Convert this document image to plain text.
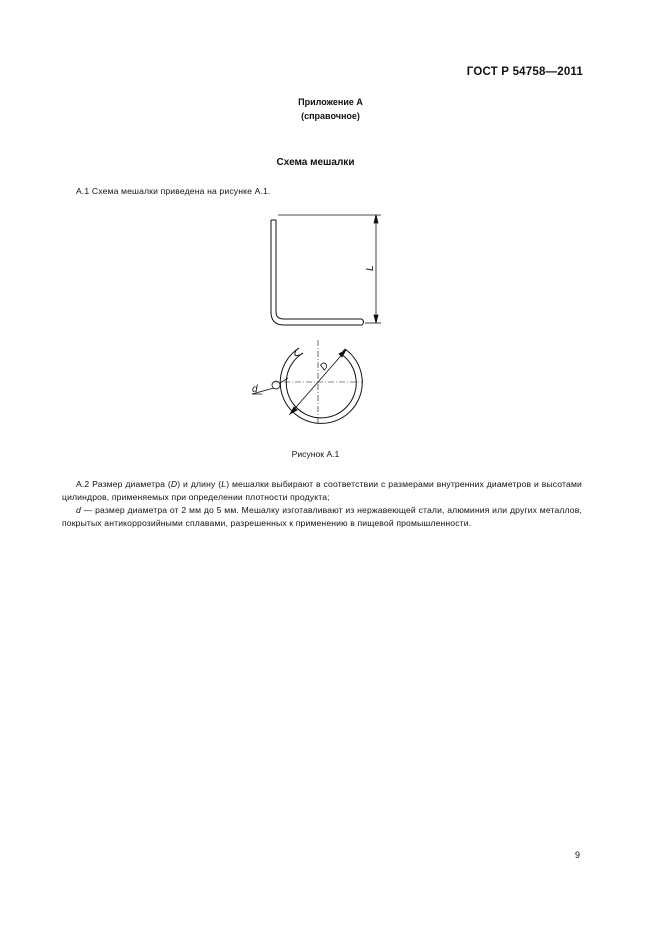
ГОСТ Р 54758—2011
Приложение А
(справочное)
Схема мешалки
А.1 Схема мешалки приведена на рисунке А.1.
L
D
d
Рисунок А.1
А.2 Размер диаметра (D) и длину (L) мешалки выбирают в соответствии с размерами внутренних диаметров и высотами цилиндров, применяемых при определении плотности продукта;
d — размер диаметра от 2 мм до 5 мм. Мешалку изготавливают из нержавеющей стали, алюминия или других металлов, покрытых антикоррозийными сплавами, разрешенных к применению в пищевой промышленности.
9
